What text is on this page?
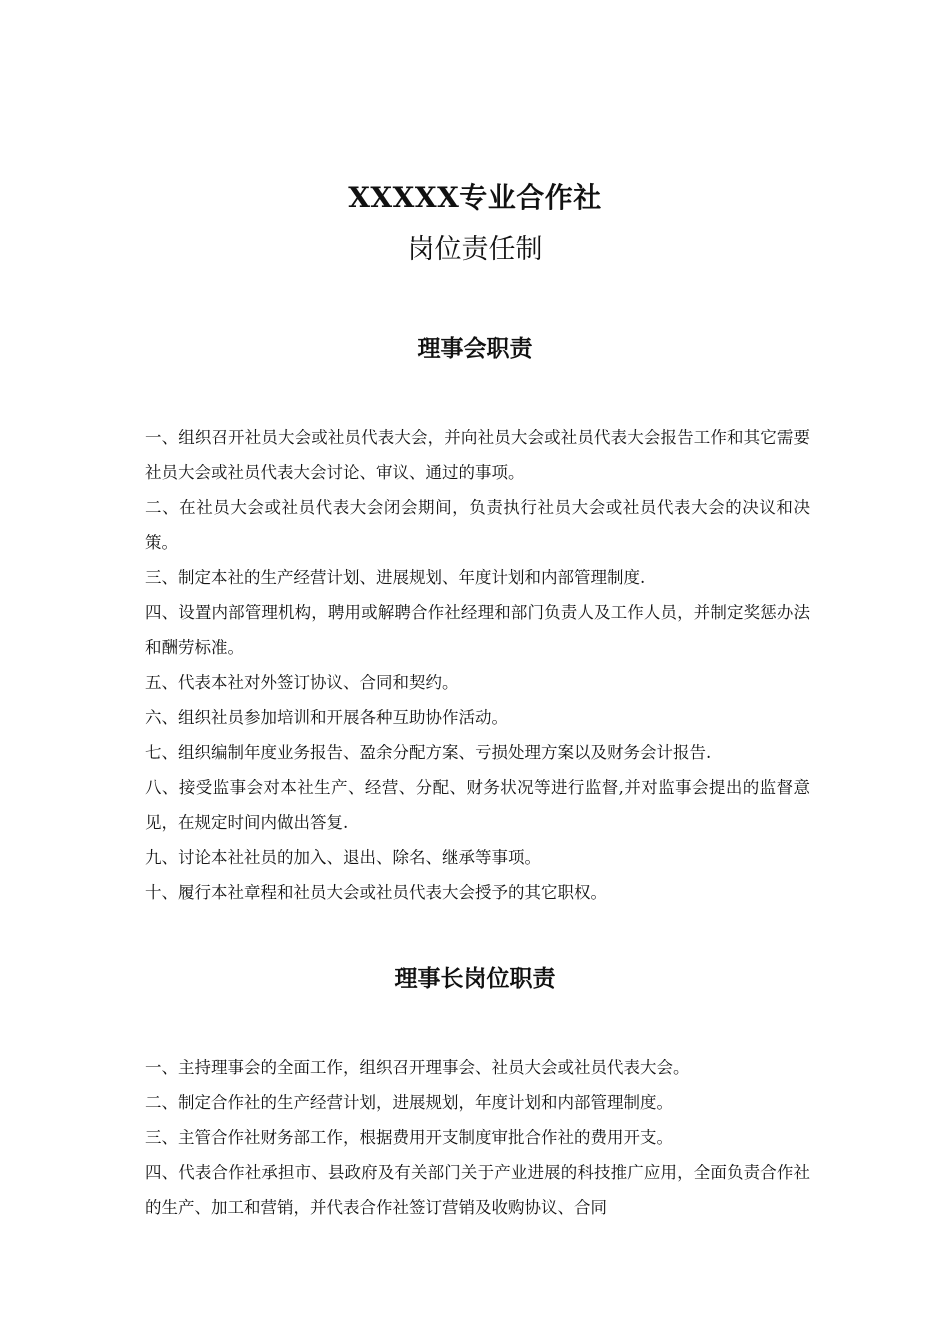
XXXXX专业合作社
岗位责任制
理事会职责
一、组织召开社员大会或社员代表大会，并向社员大会或社员代表大会报告工作和其它需要社员大会或社员代表大会讨论、审议、通过的事项。
二、在社员大会或社员代表大会闭会期间，负责执行社员大会或社员代表大会的决议和决策。
三、制定本社的生产经营计划、进展规划、年度计划和内部管理制度.
四、设置内部管理机构，聘用或解聘合作社经理和部门负责人及工作人员，并制定奖惩办法和酬劳标准。
五、代表本社对外签订协议、合同和契约。
六、组织社员参加培训和开展各种互助协作活动。
七、组织编制年度业务报告、盈余分配方案、亏损处理方案以及财务会计报告.
八、接受监事会对本社生产、经营、分配、财务状况等进行监督,并对监事会提出的监督意见，在规定时间内做出答复.
九、讨论本社社员的加入、退出、除名、继承等事项。
十、履行本社章程和社员大会或社员代表大会授予的其它职权。
理事长岗位职责
一、主持理事会的全面工作，组织召开理事会、社员大会或社员代表大会。
二、制定合作社的生产经营计划，进展规划，年度计划和内部管理制度。
三、主管合作社财务部工作，根据费用开支制度审批合作社的费用开支。
四、代表合作社承担市、县政府及有关部门关于产业进展的科技推广应用，全面负责合作社的生产、加工和营销，并代表合作社签订营销及收购协议、合同
